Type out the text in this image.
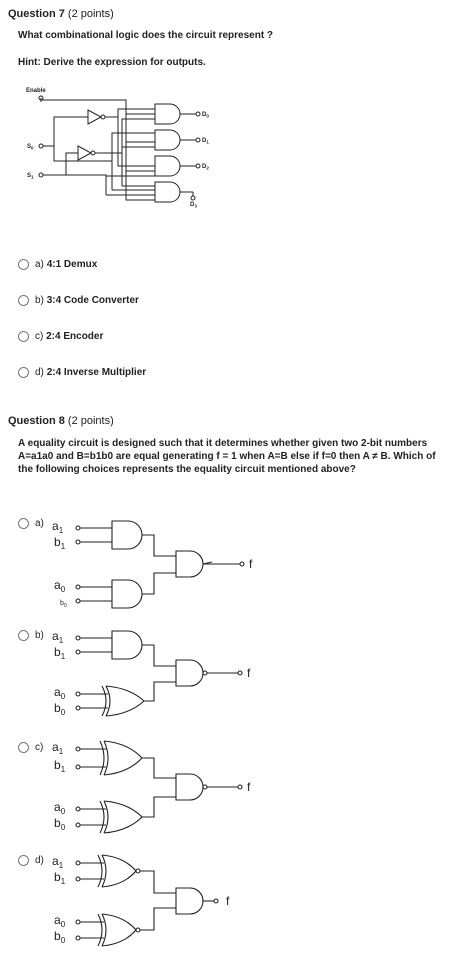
Question 7 (2 points)
What combinational logic does the circuit represent ?
Hint: Derive the expression for outputs.
Enable
$S_0$
$S_1$
$D_0$
$D_1$
$D_2$
$D_3$
a) 4:1 Demux
b) 3:4 Code Converter
c) 2:4 Encoder
d) 2:4 Inverse Multiplier
Question 8 (2 points)
A equality circuit is designed such that it determines whether given two 2-bit numbers A=a1a0 and B=b1b0 are equal generating f = 1 when A=B else if f=0 then A ≠ B. Which of the following choices represents the equality circuit mentioned above?
a) $a_1$
$b_1$
$a_0$
$b_0$
f
b) $a_1$
$b_1$
$a_0$
$b_0$
f
c) $a_1$
$b_1$
$a_0$
$b_0$
f
d) $a_1$
$b_1$
$a_0$
$b_0$
f
